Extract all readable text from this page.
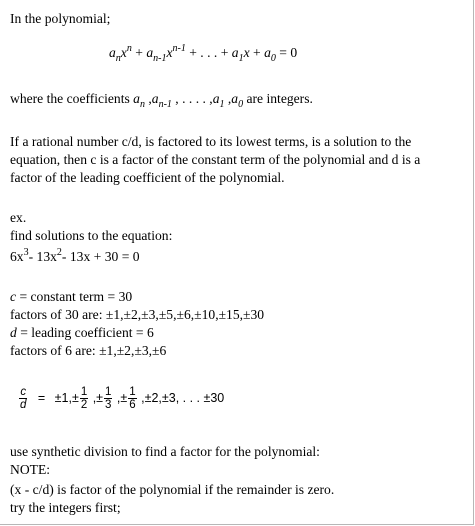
In the polynomial;
$a_nx^n + a_{n-1}x^{n-1}$ + . . . + $a_1x + a_0 = 0$
where the coefficients $a_n$ $,a_{n-1}$ , . . . . $,a_1$ $,a_0$ are integers.
If a rational number c/d, is factored to its lowest terms, is a solution to the
equation, then c is a factor of the constant term of the polynomial and d is a
factor of the leading coefficient of the polynomial.
ex.
find solutions to the equation:
$6x^3-$ $13x^2-$ 13x + 30 = 0
c = constant term = 30
factors of 30 are: ±1,±2,±3,±5,±6,±10,±15,±30
d = leading coefficient = 6
factors of 6 are: ±1,±2,±3,±6
$\frac{c}{d} = \pm 1,\pm \frac{1}{2}$ ,± $\frac{1}{3}$ ,± $\frac{1}{6} ,\pm 2,\pm 3$, . . . ±30
use synthetic division to find a factor for the polynomial:
NOTE:
(x - c/d) is factor of the polynomial if the remainder is zero.
try the integers first;
